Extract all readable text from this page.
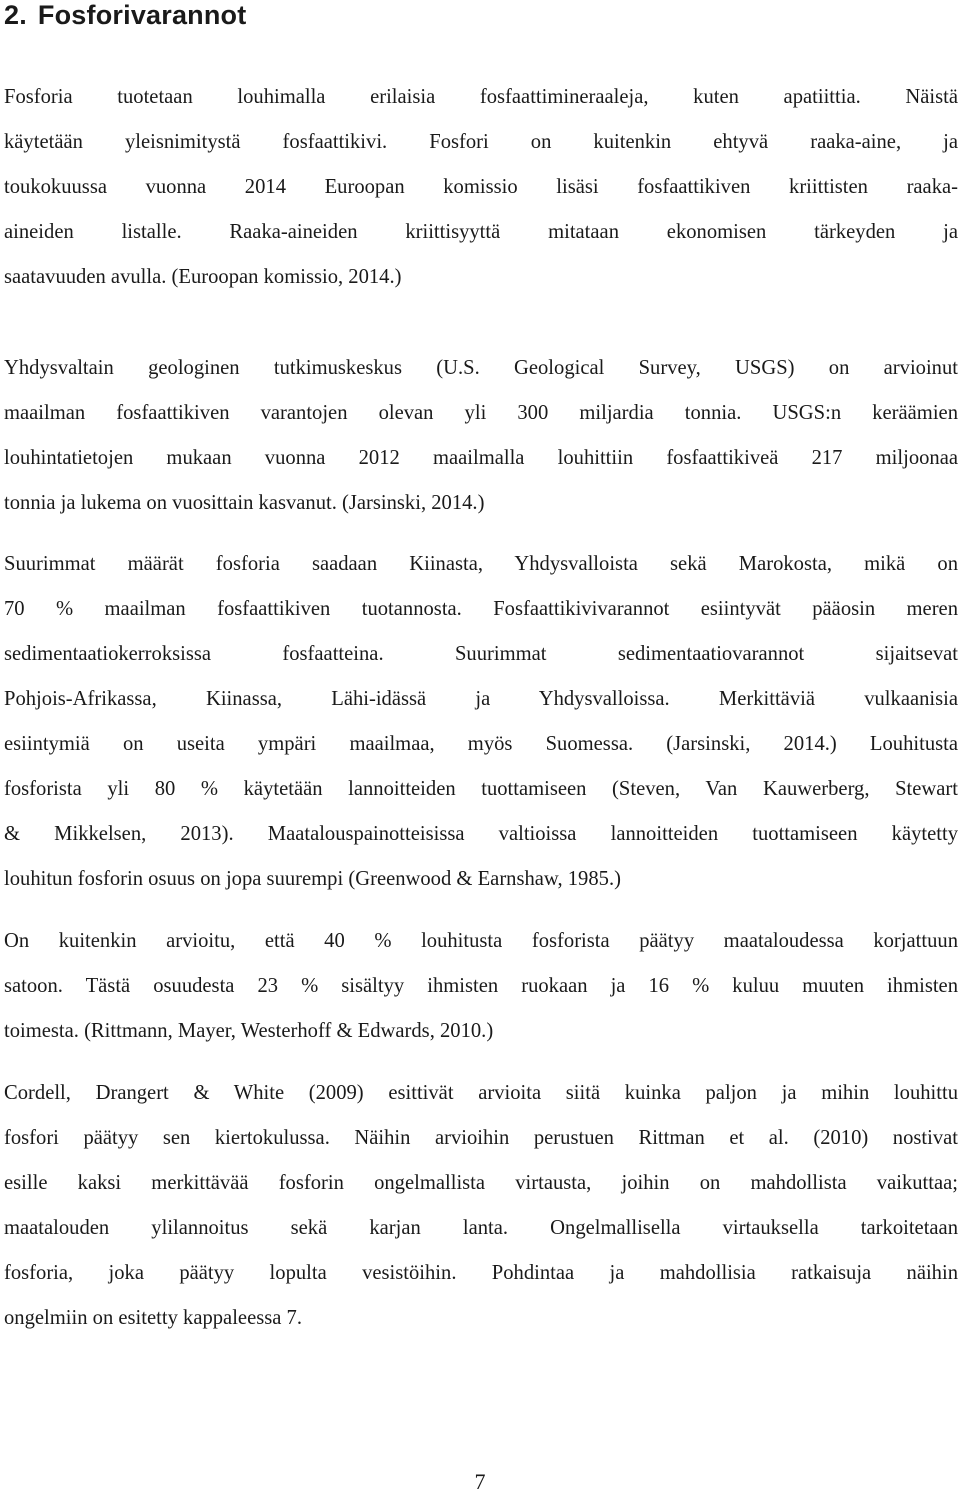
2. Fosforivarannot

Fosforia tuotetaan louhimalla erilaisia fosfaattimineraaleja, kuten apatiittia. Näistä
käytetään yleisnimitystä fosfaattikivi. Fosfori on kuitenkin ehtyvä raaka-aine, ja
toukokuussa vuonna 2014 Euroopan komissio lisäsi fosfaattikiven kriittisten raaka-
aineiden listalle. Raaka-aineiden kriittisyyttä mitataan ekonomisen tärkeyden ja
saatavuuden avulla. (Euroopan komissio, 2014.)

Yhdysvaltain geologinen tutkimuskeskus (U.S. Geological Survey, USGS) on arvioinut
maailman fosfaattikiven varantojen olevan yli 300 miljardia tonnia. USGS:n keräämien
louhintatietojen mukaan vuonna 2012 maailmalla louhittiin fosfaattikiveä 217 miljoonaa
tonnia ja lukema on vuosittain kasvanut. (Jarsinski, 2014.)

Suurimmat määrät fosforia saadaan Kiinasta, Yhdysvalloista sekä Marokosta, mikä on
70 % maailman fosfaattikiven tuotannosta. Fosfaattikivivarannot esiintyvät pääosin meren
sedimentaatiokerroksissa fosfaatteina. Suurimmat sedimentaatiovarannot sijaitsevat
Pohjois-Afrikassa, Kiinassa, Lähi-idässä ja Yhdysvalloissa. Merkittäviä vulkaanisia
esiintymiä on useita ympäri maailmaa, myös Suomessa. (Jarsinski, 2014.) Louhitusta
fosforista yli 80 % käytetään lannoitteiden tuottamiseen (Steven, Van Kauwerberg, Stewart
& Mikkelsen, 2013). Maatalouspainotteisissa valtioissa lannoitteiden tuottamiseen käytetty
louhitun fosforin osuus on jopa suurempi (Greenwood & Earnshaw, 1985.)

On kuitenkin arvioitu, että 40 % louhitusta fosforista päätyy maataloudessa korjattuun
satoon. Tästä osuudesta 23 % sisältyy ihmisten ruokaan ja 16 % kuluu muuten ihmisten
toimesta. (Rittmann, Mayer, Westerhoff & Edwards, 2010.)

Cordell, Drangert & White (2009) esittivät arvioita siitä kuinka paljon ja mihin louhittu
fosfori päätyy sen kiertokulussa. Näihin arvioihin perustuen Rittman et al. (2010) nostivat
esille kaksi merkittävää fosforin ongelmallista virtausta, joihin on mahdollista vaikuttaa;
maatalouden ylilannoitus sekä karjan lanta. Ongelmallisella virtauksella tarkoitetaan
fosforia, joka päätyy lopulta vesistöihin. Pohdintaa ja mahdollisia ratkaisuja näihin
ongelmiin on esitetty kappaleessa 7.

7
